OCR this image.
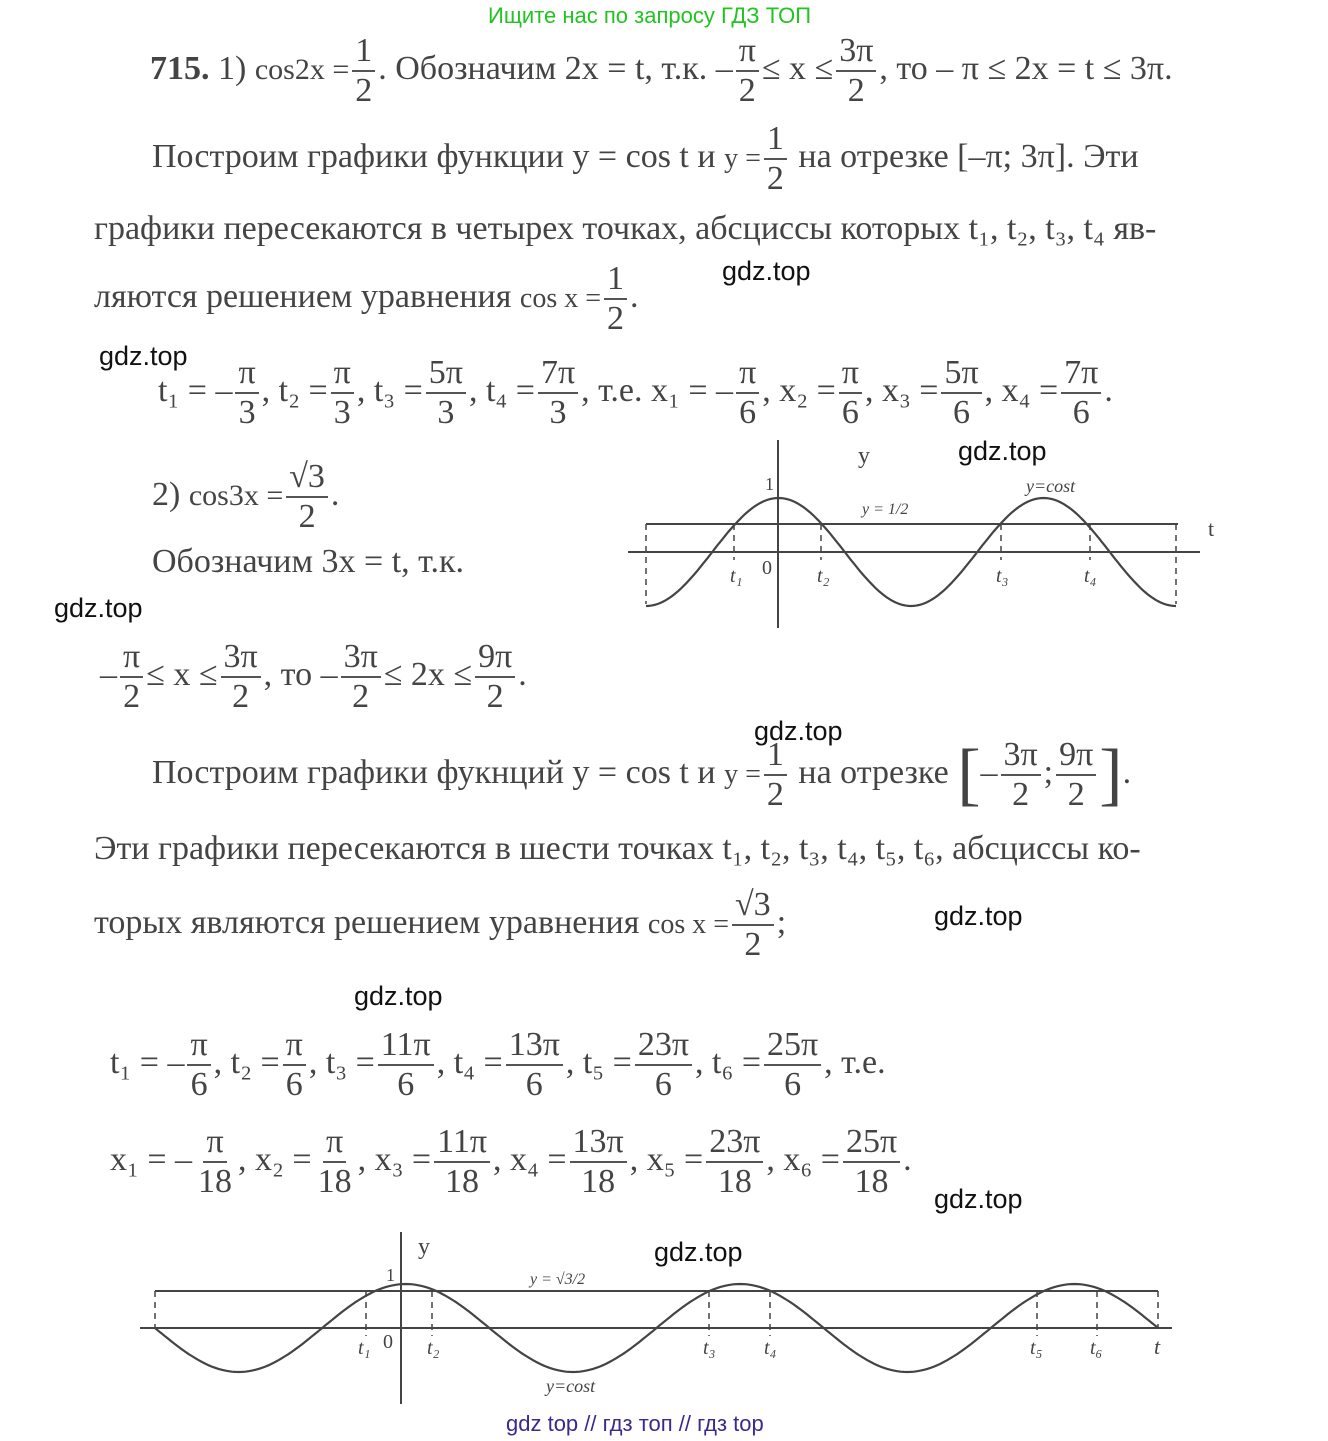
Ищите нас по запросу ГДЗ ТОП
715. 1) $\cos 2x = \frac{1}{2}$ . Обозначим 2x = t, т.к. – $\frac{\pi}{2} \le x \le \frac{3\pi}{2}$ , то – π ≤ 2x = t ≤ 3π.
Построим графики функции y = cos t и $y = \frac{1}{2}$ на отрезке [–π; 3π]. Эти
графики пересекаются в четырех точках, абсциссы которых t₁, t₂, t₃, t₄ яв-
ляются решением уравнения $\cos x = \frac{1}{2}$ .
t₁ = – $\frac{\pi}{3}$ , $t_2 = \frac{\pi}{3}$ , $t_3 = \frac{5\pi}{3}$ , $t_4 = \frac{7\pi}{3}$ , т.е. x₁ = – $\frac{\pi}{6}$ , $x_2 = \frac{\pi}{6}$ , $x_3 = \frac{5\pi}{6}$ , $x_4 = \frac{7\pi}{6}$ .
2) $\cos 3x = \frac{√3}{2}$ .
Обозначим 3x = t, т.к.
– $\frac{\pi}{2} \le x \le \frac{3\pi}{2}$ , то – $\frac{3\pi}{2} \le 2x \le \frac{9\pi}{2}$ .
Построим графики фукнций y = cos t и $y = \frac{1}{2}$ на отрезке [– $\frac{3\pi}{2}$ ; $\frac{9\pi}{2}$ ].
Эти графики пересекаются в шести точках t₁, t₂, t₃, t₄, t₅, t₆, абсциссы ко-
торых являются решением уравнения $\cos x = \frac{√3}{2}$ ;
t₁ = – $\frac{\pi}{6}$ , $t_2 = \frac{\pi}{6}$ , $t_3 = \frac{11\pi}{6}$ , $t_4 = \frac{13\pi}{6}$ , $t_5 = \frac{23\pi}{6}$ , $t_6 = \frac{25\pi}{6}$ , т.е.
x₁ = – $\frac{\pi}{18}$ , $x_2 = \frac{\pi}{18}$ , $x_3 = \frac{11\pi}{18}$ , $x_4 = \frac{13\pi}{18}$ , $x_5 = \frac{23\pi}{18}$ , $x_6 = \frac{25\pi}{18}$ .
y
t
0
1
y = 1/2
y=cost
t₁	t₂	t₃	t₄
y
t
0
1	y = √3/2
y=cost
t₁	t₂	t₃ t₄	t₅ t₆
gdz.top
gdz.top
gdz.top
gdz.top
gdz.top
gdz.top
gdz.top
gdz.top
gdz.top
gdz top // гдз топ // гдз top
